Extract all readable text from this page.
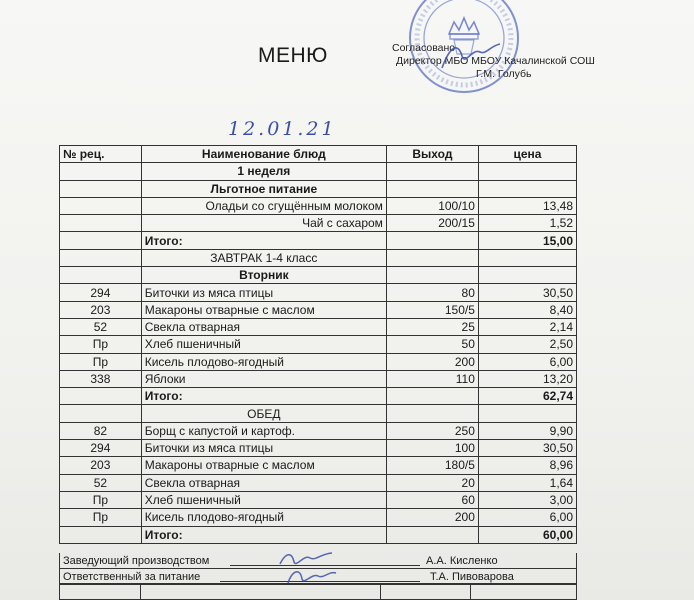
МЕНЮ	Согласовано
Директор МБО МБОУ Качалинской СОШ
Г.М. Голубь
12.01.21
№ рец.	Наименование блюд	Выход	цена
	1 неделя		
	Льготное питание		
	Оладьи со сгущённым молоком	100/10	13,48
	Чай с сахаром	200/15	1,52
	Итого:		15,00
	ЗАВТРАК 1-4 класс		
	Вторник		
294	Биточки из мяса птицы	80	30,50
203	Макароны отварные с маслом	150/5	8,40
52	Свекла отварная	25	2,14
Пр	Хлеб пшеничный	50	2,50
Пр	Кисель плодово-ягодный	200	6,00
338	Яблоки	110	13,20
	Итого:		62,74
	ОБЕД		
82	Борщ с капустой и картоф.	250	9,90
294	Биточки из мяса птицы	100	30,50
203	Макароны отварные с маслом	180/5	8,96
52	Свекла отварная	20	1,64
Пр	Хлеб пшеничный	60	3,00
Пр	Кисель плодово-ягодный	200	6,00
	Итого:		60,00
Заведующий производством	А.А. Кисленко
Ответственный за питание	Т.А. Пивоварова
